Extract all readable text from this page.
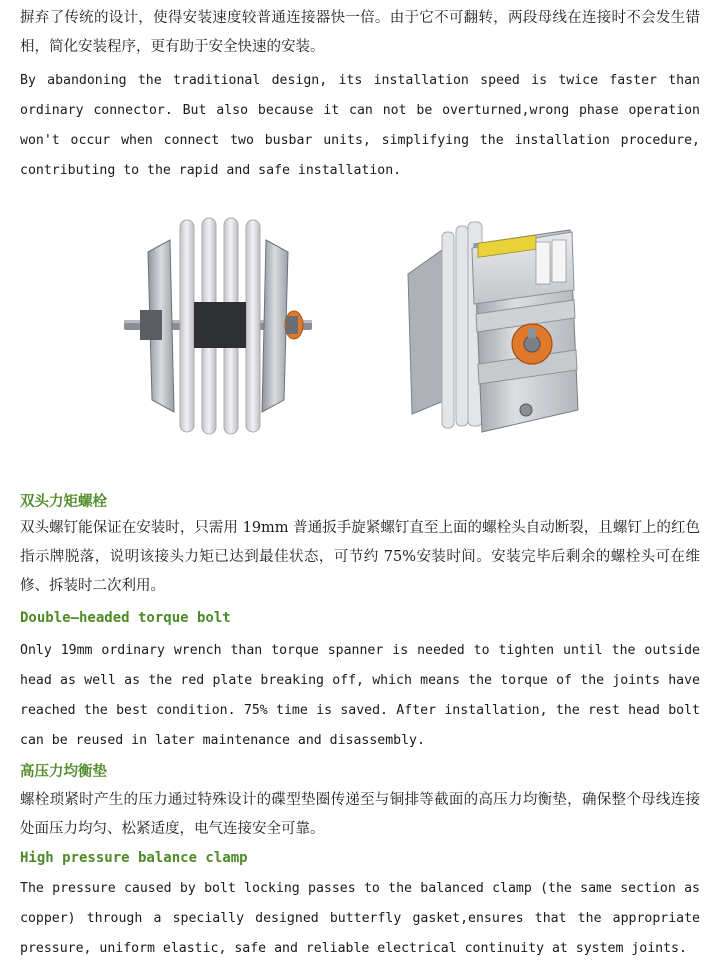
摒弃了传统的设计，使得安装速度较普通连接器快一倍。由于它不可翻转，两段母线在连接时不会发生错相，简化安装程序，更有助于安全快速的安装。
By abandoning the traditional design, its installation speed is twice faster than ordinary connector. But also because it can not be overturned,wrong phase operation won't occur when connect two busbar units, simplifying the installation procedure, contributing to the rapid and safe installation.
双头力矩螺栓
双头螺钉能保证在安装时，只需用 19mm 普通扳手旋紧螺钉直至上面的螺栓头自动断裂，且螺钉上的红色指示牌脱落，说明该接头力矩已达到最佳状态，可节约 75%安装时间。安装完毕后剩余的螺栓头可在维修、拆装时二次利用。
Double—headed torque bolt
Only 19mm ordinary wrench than torque spanner is needed to tighten until the outside head as well as the red plate breaking off, which means the torque of the joints have reached the best condition. 75% time is saved. After installation, the rest head bolt can be reused in later maintenance and disassembly.
高压力均衡垫
螺栓琐紧时产生的压力通过特殊设计的碟型垫圈传递至与铜排等截面的高压力均衡垫，确保整个母线连接处面压力均匀、松紧适度，电气连接安全可靠。
High pressure balance clamp
The pressure caused by bolt locking passes to the balanced clamp (the same section as copper) through a specially designed butterfly gasket,ensures that the appropriate pressure, uniform elastic, safe and reliable electrical continuity at system joints.
